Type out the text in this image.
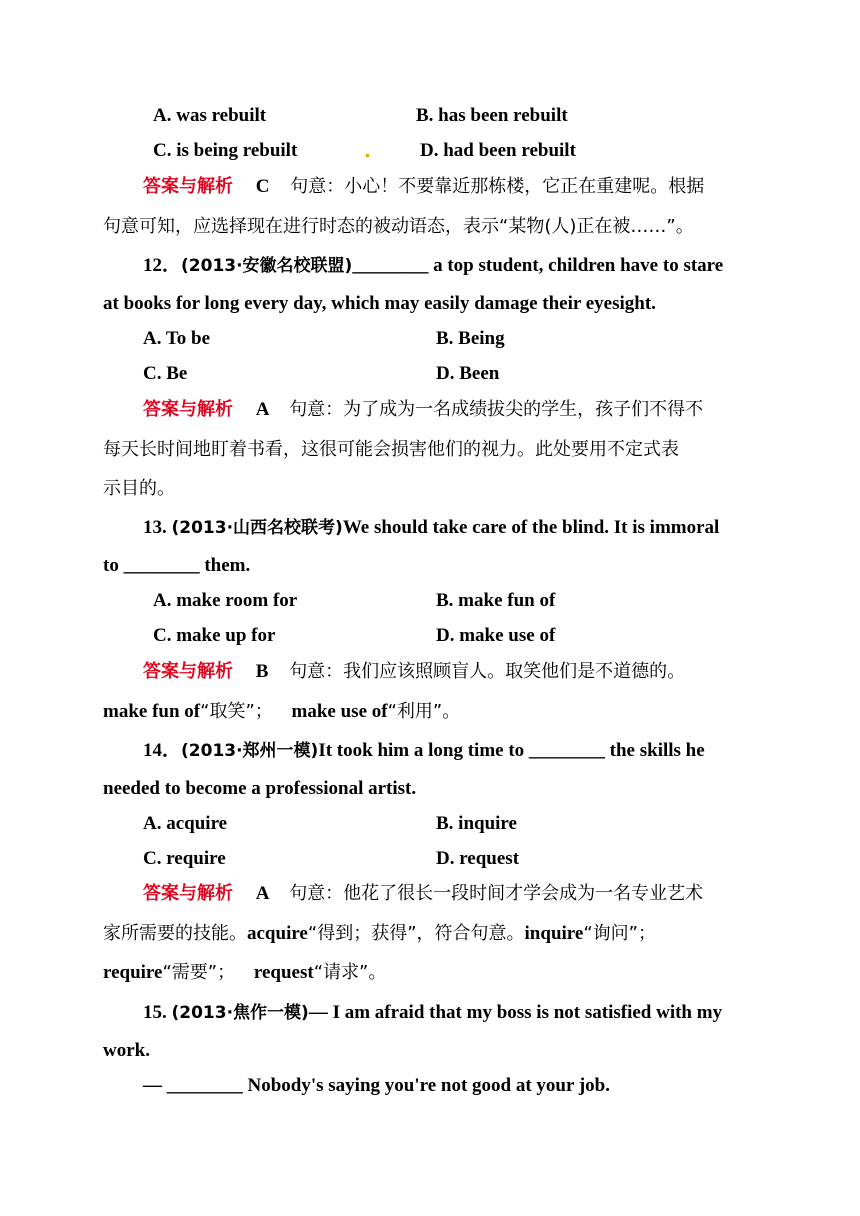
A. was rebuilt	B. has been rebuilt
C. is being rebuilt	D. had been rebuilt
答案与解析 C 句意：小心！不要靠近那栋楼，它正在重建呢。根据
句意可知，应选择现在进行时态的被动语态，表示“某物(人)正在被……”。
12．(2013·安徽名校联盟)________ a top student, children have to stare
at books for long every day, which may easily damage their eyesight.
A. To be	B. Being
C. Be	D. Been
答案与解析 A 句意：为了成为一名成绩拔尖的学生，孩子们不得不
每天长时间地盯着书看，这很可能会损害他们的视力。此处要用不定式表
示目的。
13. (2013·山西名校联考)We should take care of the blind. It is immoral
to ________ them.
A. make room for	B. make fun of
C. make up for	D. make use of
答案与解析 B 句意：我们应该照顾盲人。取笑他们是不道德的。
make fun of“取笑”； make use of“利用”。
14．(2013·郑州一模)It took him a long time to ________ the skills he
needed to become a professional artist.
A. acquire	B. inquire
C. require	D. request
答案与解析 A 句意：他花了很长一段时间才学会成为一名专业艺术
家所需要的技能。acquire“得到；获得”，符合句意。inquire“询问”；
require“需要”； request“请求”。
15. (2013·焦作一模)— I am afraid that my boss is not satisfied with my
work.
— ________ Nobody's saying you're not good at your job.
